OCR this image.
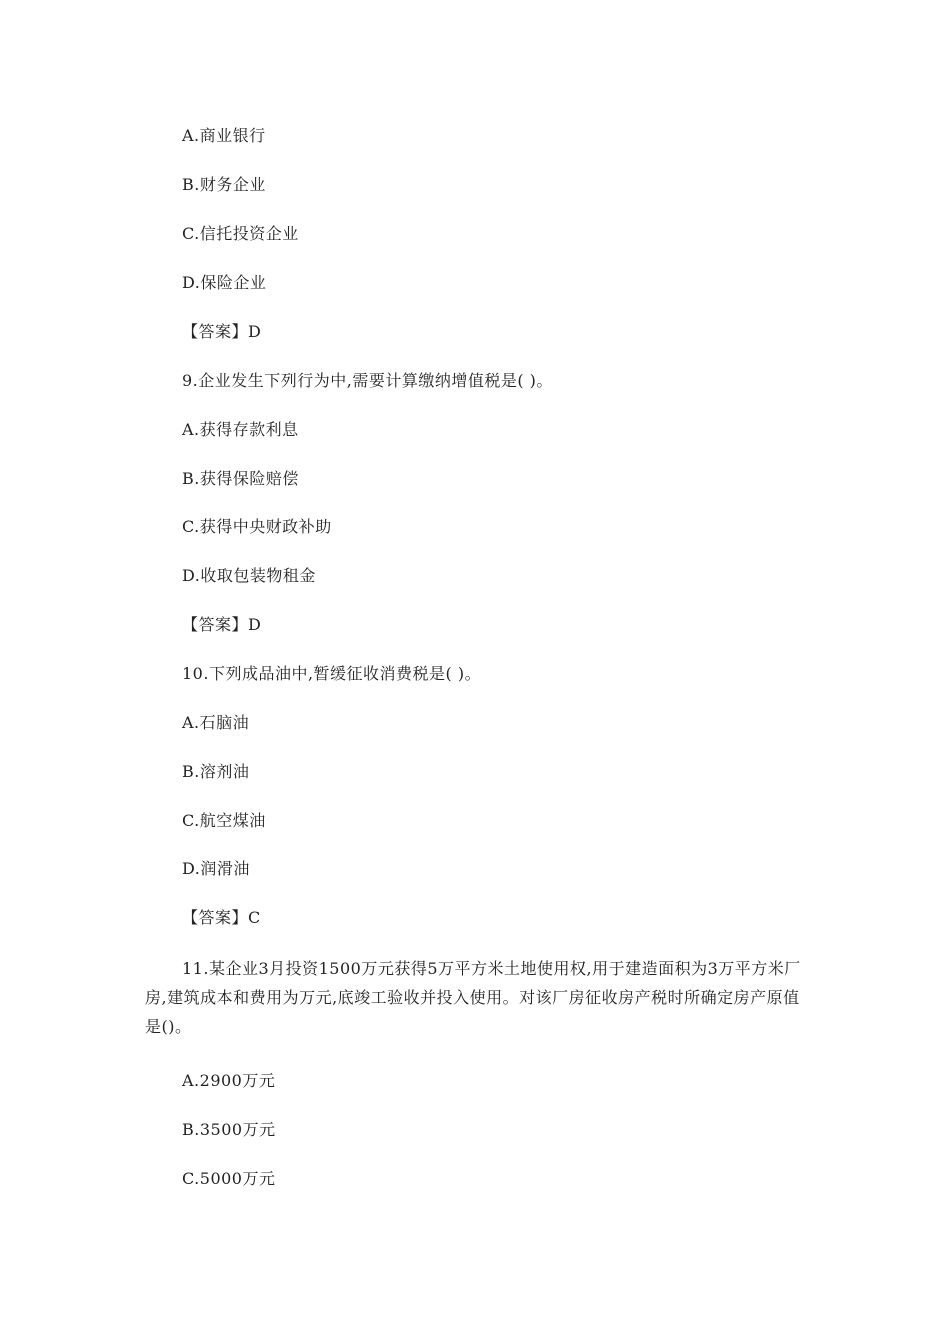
A.商业银行
B.财务企业
C.信托投资企业
D.保险企业
【答案】D
9.企业发生下列行为中,需要计算缴纳增值税是( )。
A.获得存款利息
B.获得保险赔偿
C.获得中央财政补助
D.收取包装物租金
【答案】D
10.下列成品油中,暂缓征收消费税是( )。
A.石脑油
B.溶剂油
C.航空煤油
D.润滑油
【答案】C
11.某企业3月投资1500万元获得5万平方米土地使用权,用于建造面积为3万平方米厂房,建筑成本和费用为万元,底竣工验收并投入使用。对该厂房征收房产税时所确定房产原值是()。
A.2900万元
B.3500万元
C.5000万元
